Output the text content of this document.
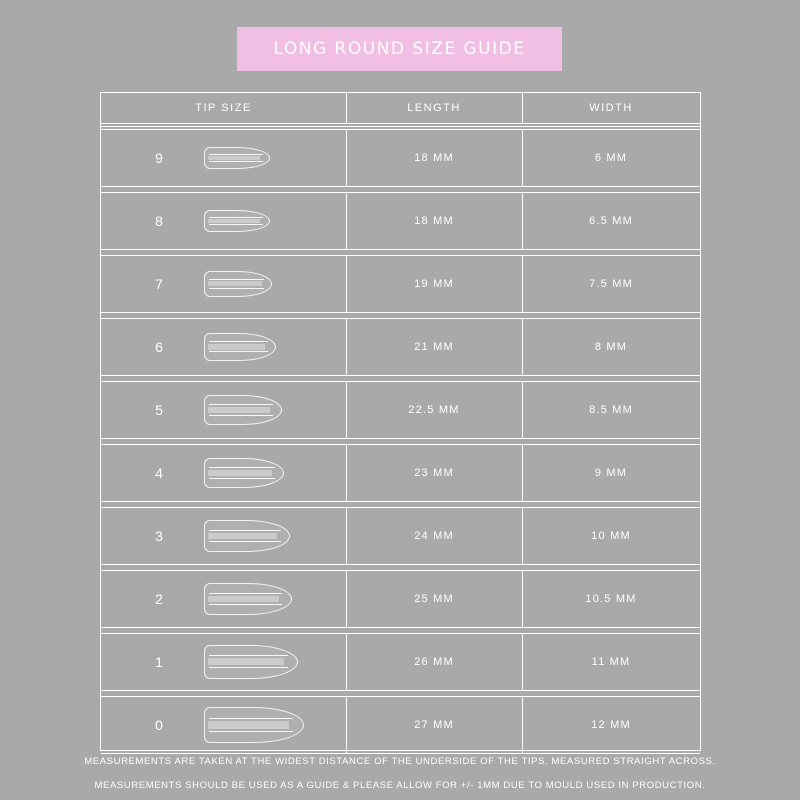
LONG ROUND SIZE GUIDE
TIP SIZE	LENGTH	WIDTH
9	18 MM	6 MM
8	18 MM	6.5 MM
7	19 MM	7.5 MM
6	21 MM	8 MM
5	22.5 MM	8.5 MM
4	23 MM	9 MM
3	24 MM	10 MM
2	25 MM	10.5 MM
1	26 MM	11 MM
0	27 MM	12 MM
MEASUREMENTS ARE TAKEN AT THE WIDEST DISTANCE OF THE UNDERSIDE OF THE TIPS. MEASURED STRAIGHT ACROSS.
MEASUREMENTS SHOULD BE USED AS A GUIDE & PLEASE ALLOW FOR +/- 1MM DUE TO MOULD USED IN PRODUCTION.
